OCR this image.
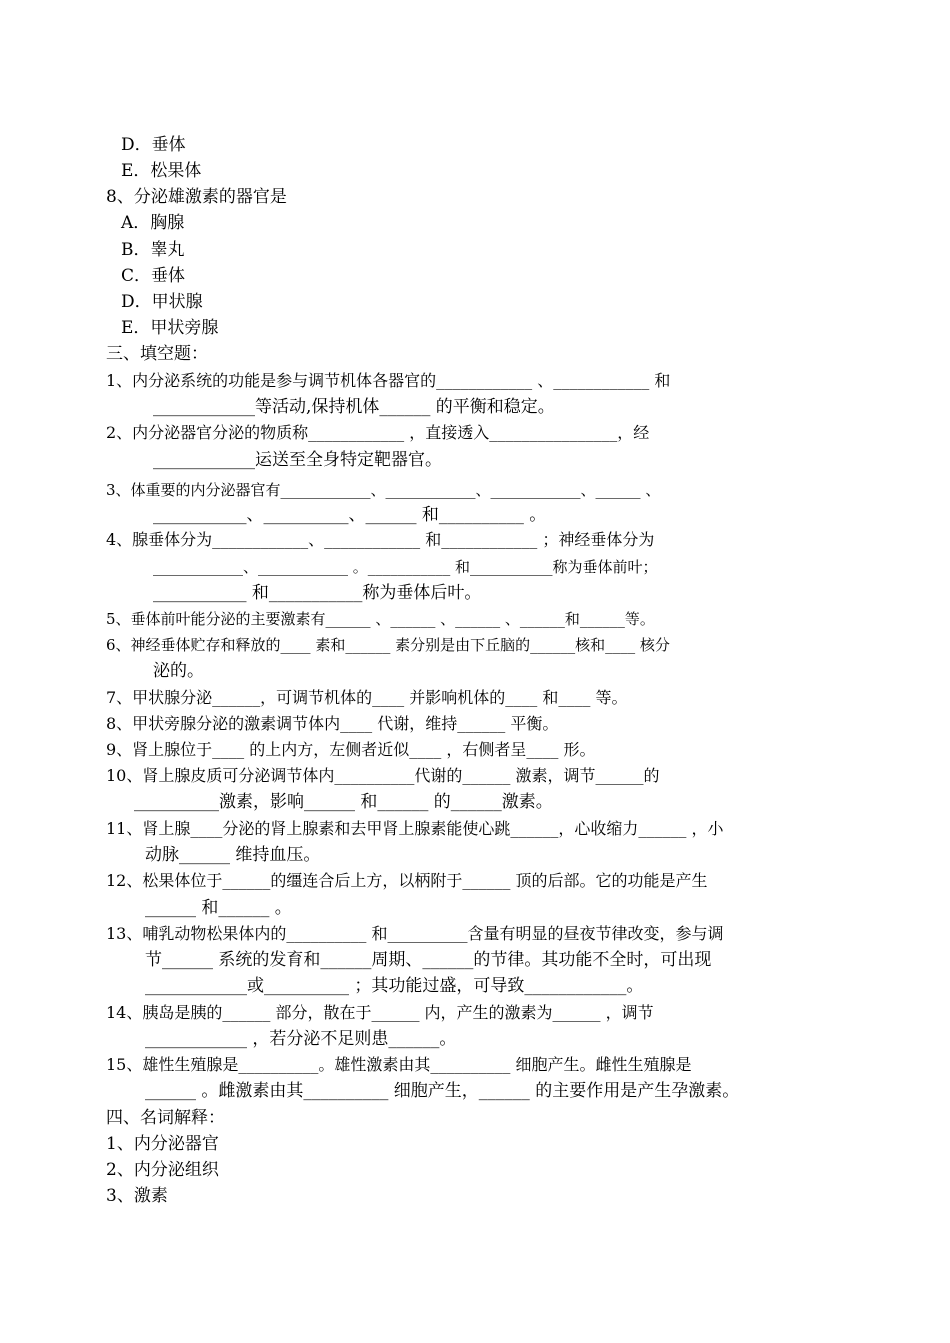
D．垂体
E．松果体
8、分泌雄激素的器官是
A．胸腺
B．睾丸
C．垂体
D．甲状腺
E．甲状旁腺
三、填空题：
1、内分泌系统的功能是参与调节机体各器官的____________ 、____________ 和
____________等活动,保持机体______ 的平衡和稳定。
2、内分泌器官分泌的物质称____________ ，直接透入________________，经
____________运送至全身特定靶器官。
3、体重要的内分泌器官有____________、____________、____________、______ 、
___________、__________、______ 和__________ 。
4、腺垂体分为____________、____________ 和____________ ；神经垂体分为
____________、____________ 。___________ 和___________称为垂体前叶；
___________ 和___________称为垂体后叶。
5、垂体前叶能分泌的主要激素有______ 、______ 、______ 、______和______等。
6、神经垂体贮存和释放的____ 素和______ 素分别是由下丘脑的______核和____ 核分
泌的。
7、甲状腺分泌______，可调节机体的____ 并影响机体的____ 和____ 等。
8、甲状旁腺分泌的激素调节体内____ 代谢，维持______ 平衡。
9、肾上腺位于____ 的上内方，左侧者近似____ ，右侧者呈____ 形。
10、肾上腺皮质可分泌调节体内__________代谢的______ 激素，调节______的
__________激素，影响______ 和______ 的______激素。
11、肾上腺____分泌的肾上腺素和去甲肾上腺素能使心跳______，心收缩力______ ，小
动脉______ 维持血压。
12、松果体位于______的缰连合后上方，以柄附于______ 顶的后部。它的功能是产生
______ 和______ 。
13、哺乳动物松果体内的__________ 和__________含量有明显的昼夜节律改变，参与调
节______ 系统的发育和______周期、______的节律。其功能不全时，可出现
____________或__________ ；其功能过盛，可导致____________。
14、胰岛是胰的______ 部分，散在于______ 内，产生的激素为______ ，调节
____________ ，若分泌不足则患______。
15、雄性生殖腺是__________。雄性激素由其__________ 细胞产生。雌性生殖腺是
______ 。雌激素由其__________ 细胞产生，______ 的主要作用是产生孕激素。
四、名词解释：
1、内分泌器官
2、内分泌组织
3、激素
